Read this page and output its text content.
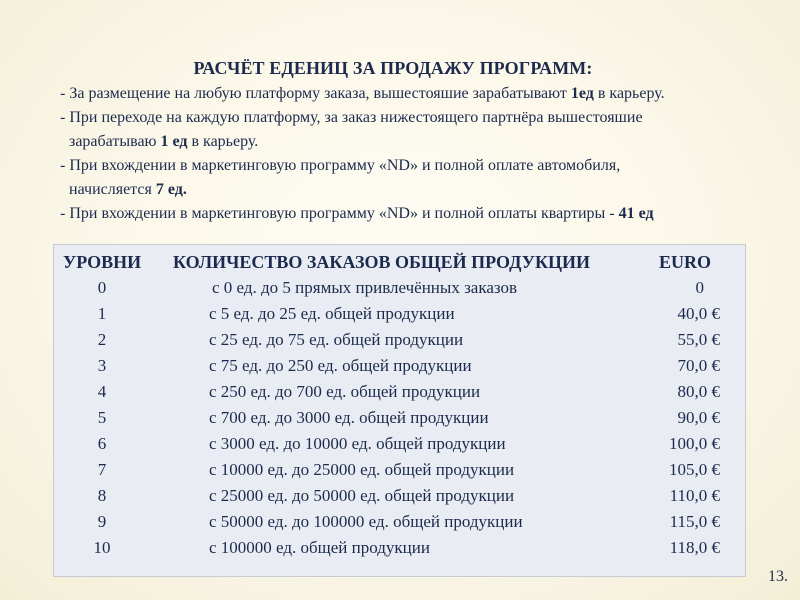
РАСЧЁТ ЕДЕНИЦ ЗА ПРОДАЖУ ПРОГРАММ:
- За размещение на любую платформу заказа, вышестояшие зарабатывают 1ед в карьеру.
- При переходе на каждую платформу, за заказ нижестоящего партнёра вышестояшие
зарабатываю 1 ед в карьеру.
- При вхождении в маркетинговую программу «ND» и полной оплате автомобиля,
начисляется 7 ед.
- При вхождении в маркетинговую программу «ND» и полной оплаты квартиры - 41 ед
УРОВНИ КОЛИЧЕСТВО ЗАКАЗОВ ОБЩЕЙ ПРОДУКЦИИ	EURO
0	с 0 ед. до 5 прямых привлечённых заказов	0
1	с 5 ед. до 25 ед. общей продукции	40,0 €
2	с 25 ед. до 75 ед. общей продукции	55,0 €
3	с 75 ед. до 250 ед. общей продукции	70,0 €
4	с 250 ед. до 700 ед. общей продукции	80,0 €
5	с 700 ед. до 3000 ед. общей продукции	90,0 €
6	с 3000 ед. до 10000 ед. общей продукции	100,0 €
7	с 10000 ед. до 25000 ед. общей продукции	105,0 €
8	с 25000 ед. до 50000 ед. общей продукции	110,0 €
9	с 50000 ед. до 100000 ед. общей продукции	115,0 €
10	с 100000 ед. общей продукции	118,0 €
13.
